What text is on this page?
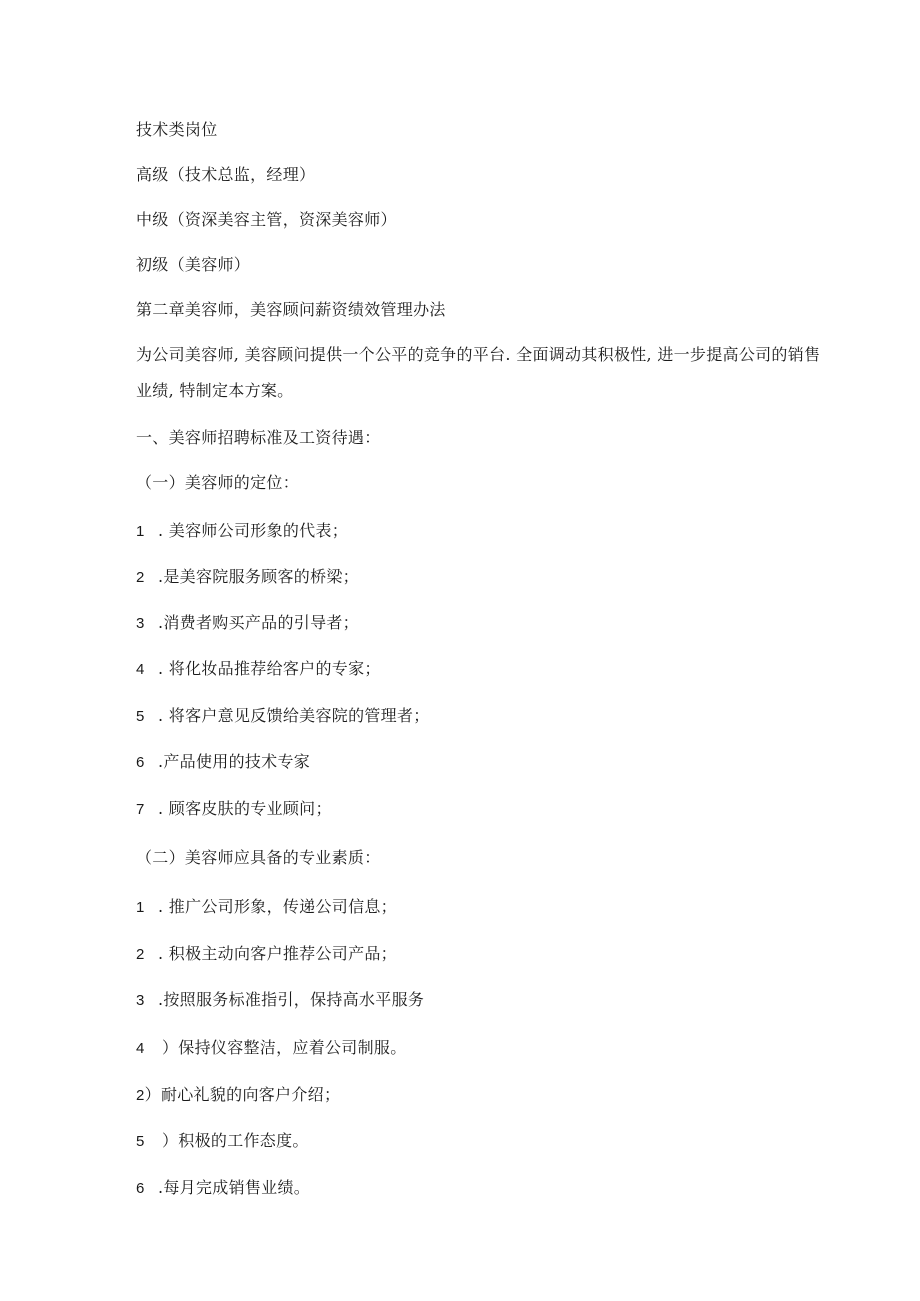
技术类岗位
高级（技术总监，经理）
中级（资深美容主管，资深美容师）
初级（美容师）
第二章美容师，美容顾问薪资绩效管理办法
为公司美容师, 美容顾问提供一个公平的竞争的平台. 全面调动其积极性, 进一步提高公司的销售业绩, 特制定本方案。
一、美容师招聘标准及工资待遇：
（一）美容师的定位：
1 . 美容师公司形象的代表；
2 .是美容院服务顾客的桥梁；
3 .消费者购买产品的引导者；
4 . 将化妆品推荐给客户的专家；
5 . 将客户意见反馈给美容院的管理者；
6 .产品使用的技术专家
7 . 顾客皮肤的专业顾问；
（二）美容师应具备的专业素质：
1 . 推广公司形象，传递公司信息；
2 . 积极主动向客户推荐公司产品；
3 .按照服务标准指引，保持高水平服务
4 ）保持仪容整洁，应着公司制服。
2）耐心礼貌的向客户介绍；
5 ）积极的工作态度。
6 .每月完成销售业绩。
